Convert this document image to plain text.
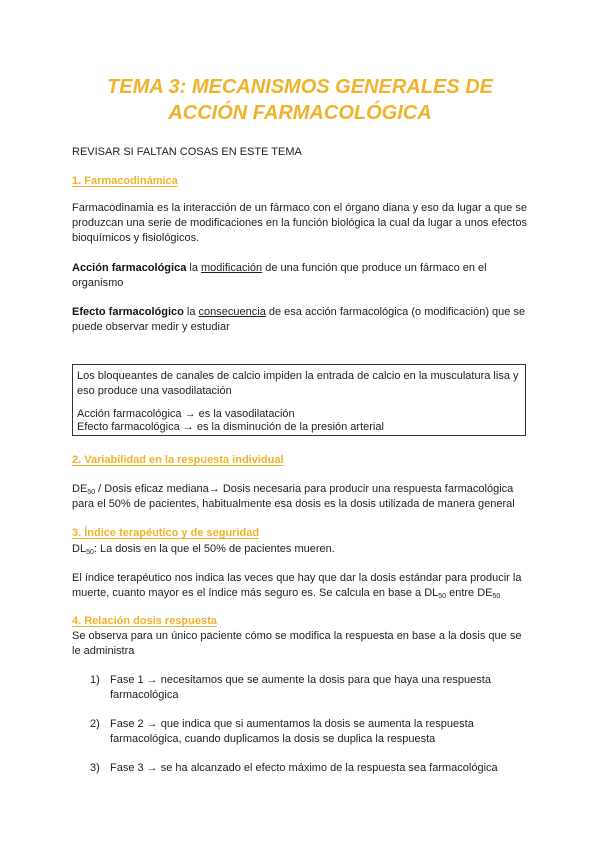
TEMA 3: MECANISMOS GENERALES DE
ACCIÓN FARMACOLÓGICA
REVISAR SI FALTAN COSAS EN ESTE TEMA
1. Farmacodinámica
Farmacodinamia es la interacción de un fármaco con el órgano diana y eso da lugar a que se produzcan una serie de modificaciones en la función biológica la cual da lugar a unos efectos bioquímicos y fisiológicos.
Acción farmacológica la modificación de una función que produce un fármaco en el organismo
Efecto farmacológico la consecuencia de esa acción farmacológica (o modificación) que se puede observar medir y estudiar
Los bloqueantes de canales de calcio impiden la entrada de calcio en la musculatura lisa y eso produce una vasodilatación
Acción farmacológica → es la vasodilatación
Efecto farmacológica → es la disminución de la presión arterial
2. Variabilidad en la respuesta individual
$DE_{50}$ / Dosis eficaz mediana→ Dosis necesaria para producir una respuesta farmacológica para el 50% de pacientes, habitualmente esa dosis es la dosis utilizada de manera general
3. Índice terapéutico y de seguridad
$DL_{50}$: La dosis en la que el 50% de pacientes mueren.
El índice terapéutico nos indica las veces que hay que dar la dosis estándar para producir la muerte, cuanto mayor es el índice más seguro es. Se calcula en base a $DL_{50}$ entre $DE_{50}$
4. Relación dosis respuesta
Se observa para un único paciente cómo se modifica la respuesta en base a la dosis que se le administra
1) Fase 1 → necesitamos que se aumente la dosis para que haya una respuesta farmacológica
2) Fase 2 → que indica que si aumentamos la dosis se aumenta la respuesta farmacológica, cuando duplicamos la dosis se duplica la respuesta
3) Fase 3 → se ha alcanzado el efecto máximo de la respuesta sea farmacológica
